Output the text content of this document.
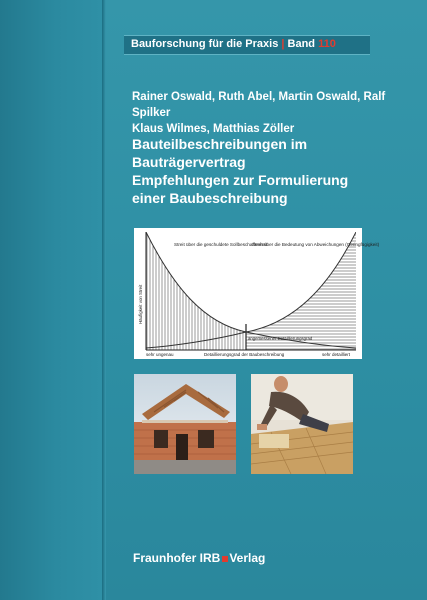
Bauforschung für die Praxis | Band 110
Rainer Oswald, Ruth Abel, Martin Oswald, Ralf Spilker
Klaus Wilmes, Matthias Zöller
Bauteilbeschreibungen im Bauträgervertrag
Empfehlungen zur Formulierung
einer Baubeschreibung
Streit über die geschuldete Sollbeschaffenheit
Streit über die Bedeutung von Abweichungen (Geringfügigkeit)
Häufigkeit von Streit
angemessener Detaillierungsgrad
sehr ungenau	Detaillierungsgrad der Baubeschreibung	sehr detailliert
Fraunhofer IRB Verlag
